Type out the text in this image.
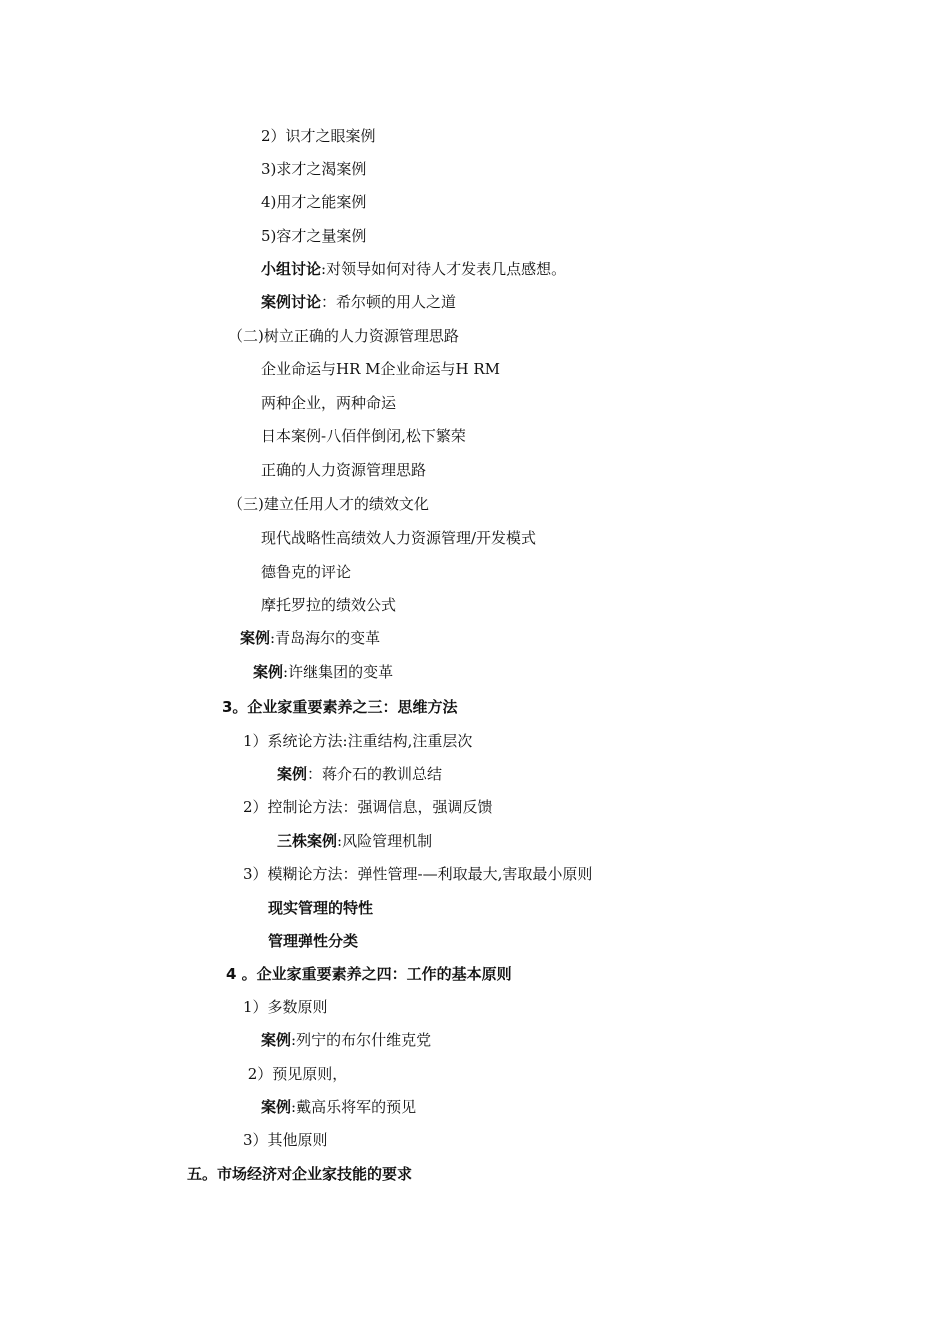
2）识才之眼案例
3)求才之渴案例
4)用才之能案例
5)容才之量案例
小组讨论:对领导如何对待人才发表几点感想。
案例讨论：希尔顿的用人之道
（二)树立正确的人力资源管理思路
企业命运与HR M企业命运与H RM
两种企业，两种命运
日本案例-八佰伴倒闭,松下繁荣
正确的人力资源管理思路
（三)建立任用人才的绩效文化
现代战略性高绩效人力资源管理/开发模式
德鲁克的评论
摩托罗拉的绩效公式
案例:青岛海尔的变革
案例:许继集团的变革
3。企业家重要素养之三：思维方法
1）系统论方法:注重结构,注重层次
案例：蒋介石的教训总结
2）控制论方法：强调信息，强调反馈
三株案例:风险管理机制
3）模糊论方法：弹性管理-—利取最大,害取最小原则
现实管理的特性
管理弹性分类
4 。企业家重要素养之四：工作的基本原则
1）多数原则
案例:列宁的布尔什维克党
2）预见原则，
案例:戴高乐将军的预见
3）其他原则
五。市场经济对企业家技能的要求
